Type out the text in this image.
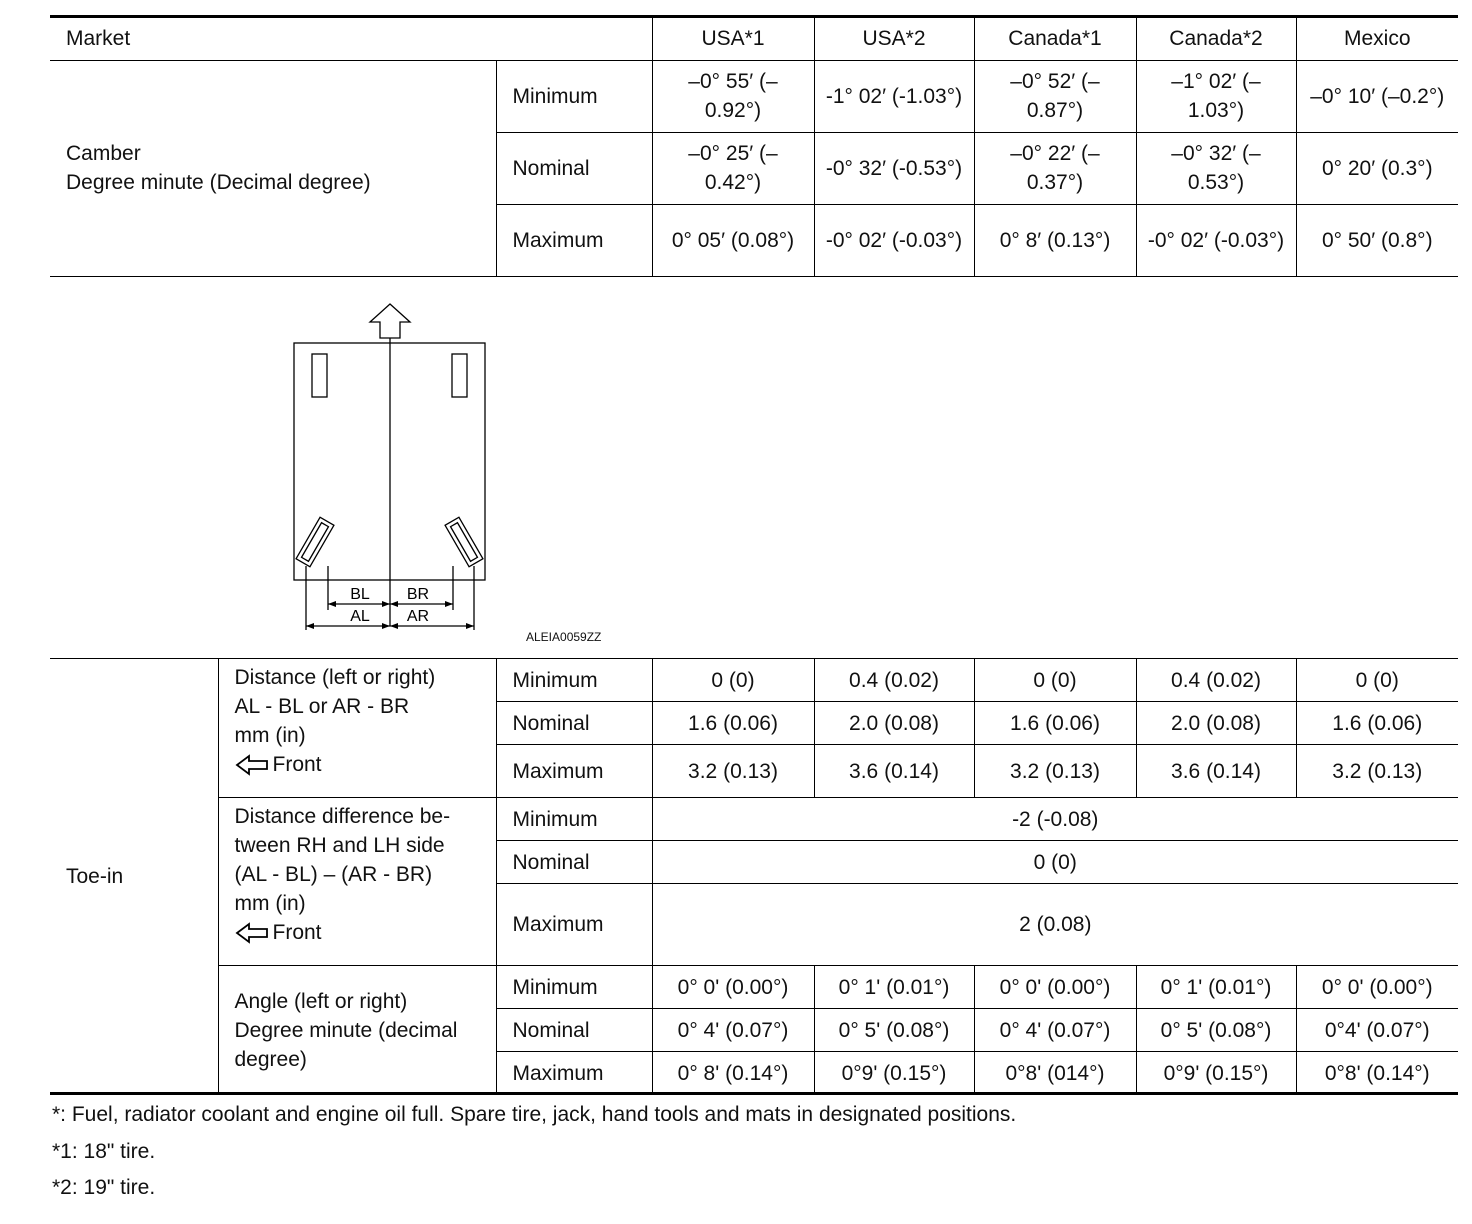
Market		USA*1	USA*2	Canada*1	Canada*2	Mexico

Camber
Degree minute (Decimal degree)	Minimum	–0° 55′ (–0.92°)	-1° 02′ (-1.03°)	–0° 52′ (–0.87°)	–1° 02′ (–1.03°)	–0° 10′ (–0.2°)
	Nominal	–0° 25′ (–0.42°)	-0° 32′ (-0.53°)	–0° 22′ (–0.37°)	–0° 32′ (–0.53°)	0° 20′ (0.3°)
	Maximum	0° 05′ (0.08°)	-0° 02′ (-0.03°)	0° 8′ (0.13°)	-0° 02′ (-0.03°)	0° 50′ (0.8°)
BL BR
AL AR
ALEIA0059ZZ
Toe-in	Distance (left or right)
AL - BL or AR - BR
mm (in)
Front	Minimum	0 (0)	0.4 (0.02)	0 (0)	0.4 (0.02)	0 (0)
		Nominal	1.6 (0.06)	2.0 (0.08)	1.6 (0.06)	2.0 (0.08)	1.6 (0.06)
		Maximum	3.2 (0.13)	3.6 (0.14)	3.2 (0.13)	3.6 (0.14)	3.2 (0.13)

	Distance difference be-
tween RH and LH side
(AL - BL) – (AR - BR)
mm (in)
Front	Minimum	-2 (-0.08)				
		Nominal	0 (0)				
		Maximum	2 (0.08)				

	Angle (left or right)
Degree minute (decimal
degree)	Minimum	0° 0' (0.00°)	0° 1' (0.01°)	0° 0' (0.00°)	0° 1' (0.01°)	0° 0' (0.00°)
		Nominal	0° 4' (0.07°)	0° 5' (0.08°)	0° 4' (0.07°)	0° 5' (0.08°)	0°4' (0.07°)
		Maximum	0° 8' (0.14°)	0°9' (0.15°)	0°8' (014°)	0°9' (0.15°)	0°8' (0.14°)
*: Fuel, radiator coolant and engine oil full. Spare tire, jack, hand tools and mats in designated positions.
*1: 18" tire.
*2: 19" tire.
